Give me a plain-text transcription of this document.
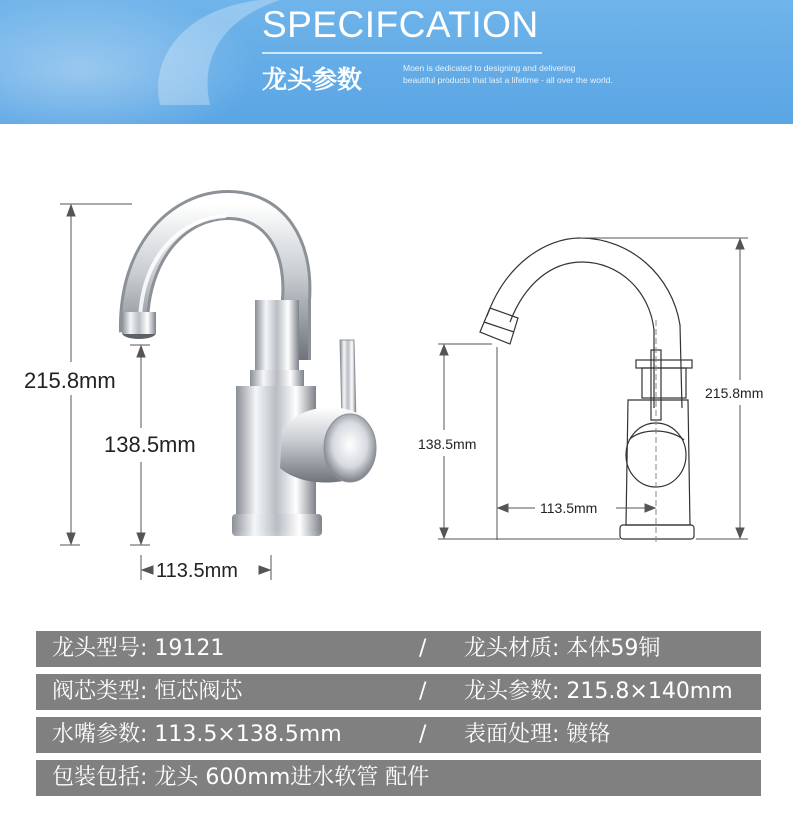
SPECIFCATION
龙头参数	Moen is dedicated to designing and delivering
beautiful products that last a lifetime - all over the world.
215.8mm
138.5mm
113.5mm
215.8mm
138.5mm
113.5mm
龙头型号: 19121	/ 龙头材质: 本体59铜
阀芯类型: 恒芯阀芯	/ 龙头参数: 215.8×140mm
水嘴参数: 113.5×138.5mm	/ 表面处理: 镀铬
包装包括: 龙头 600mm进水软管 配件
